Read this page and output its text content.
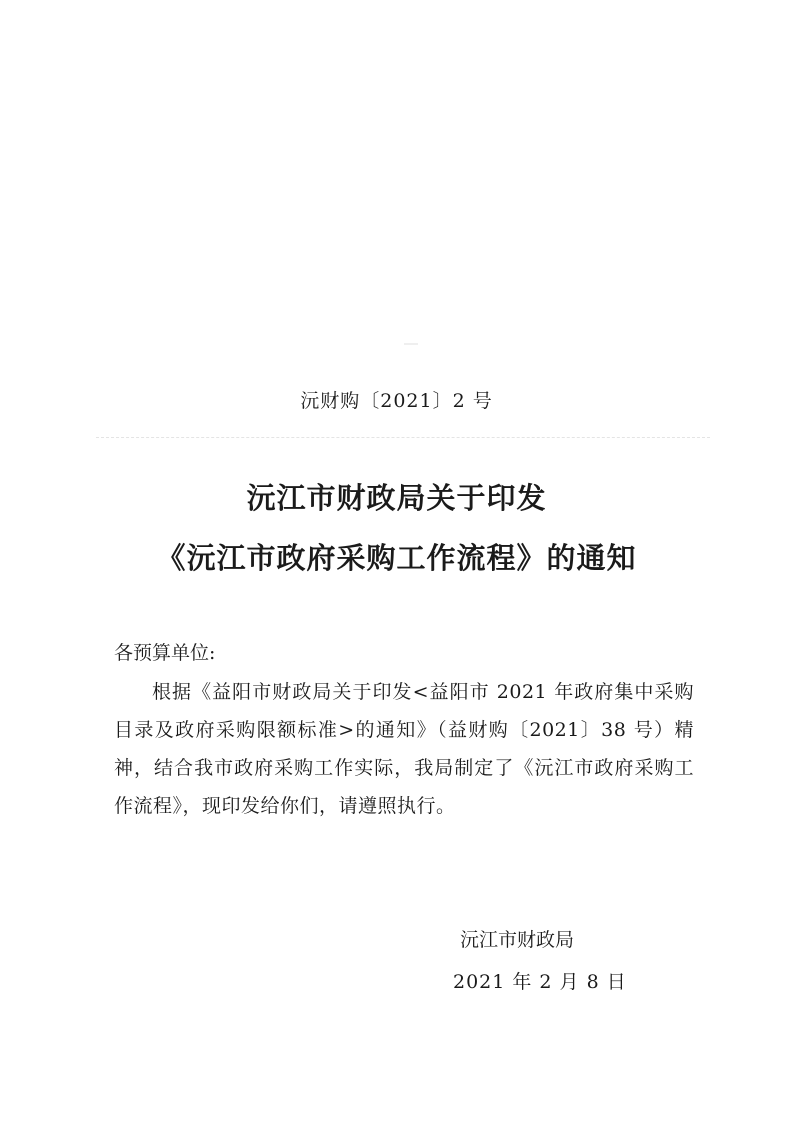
沅财购〔2021〕2 号
沅江市财政局关于印发
《沅江市政府采购工作流程》的通知
各预算单位:
根据《益阳市财政局关于印发<益阳市 2021 年政府集中采购目录及政府采购限额标准>的通知》（益财购〔2021〕38 号）精神，结合我市政府采购工作实际，我局制定了《沅江市政府采购工作流程》，现印发给你们，请遵照执行。
沅江市财政局
2021 年 2 月 8 日
